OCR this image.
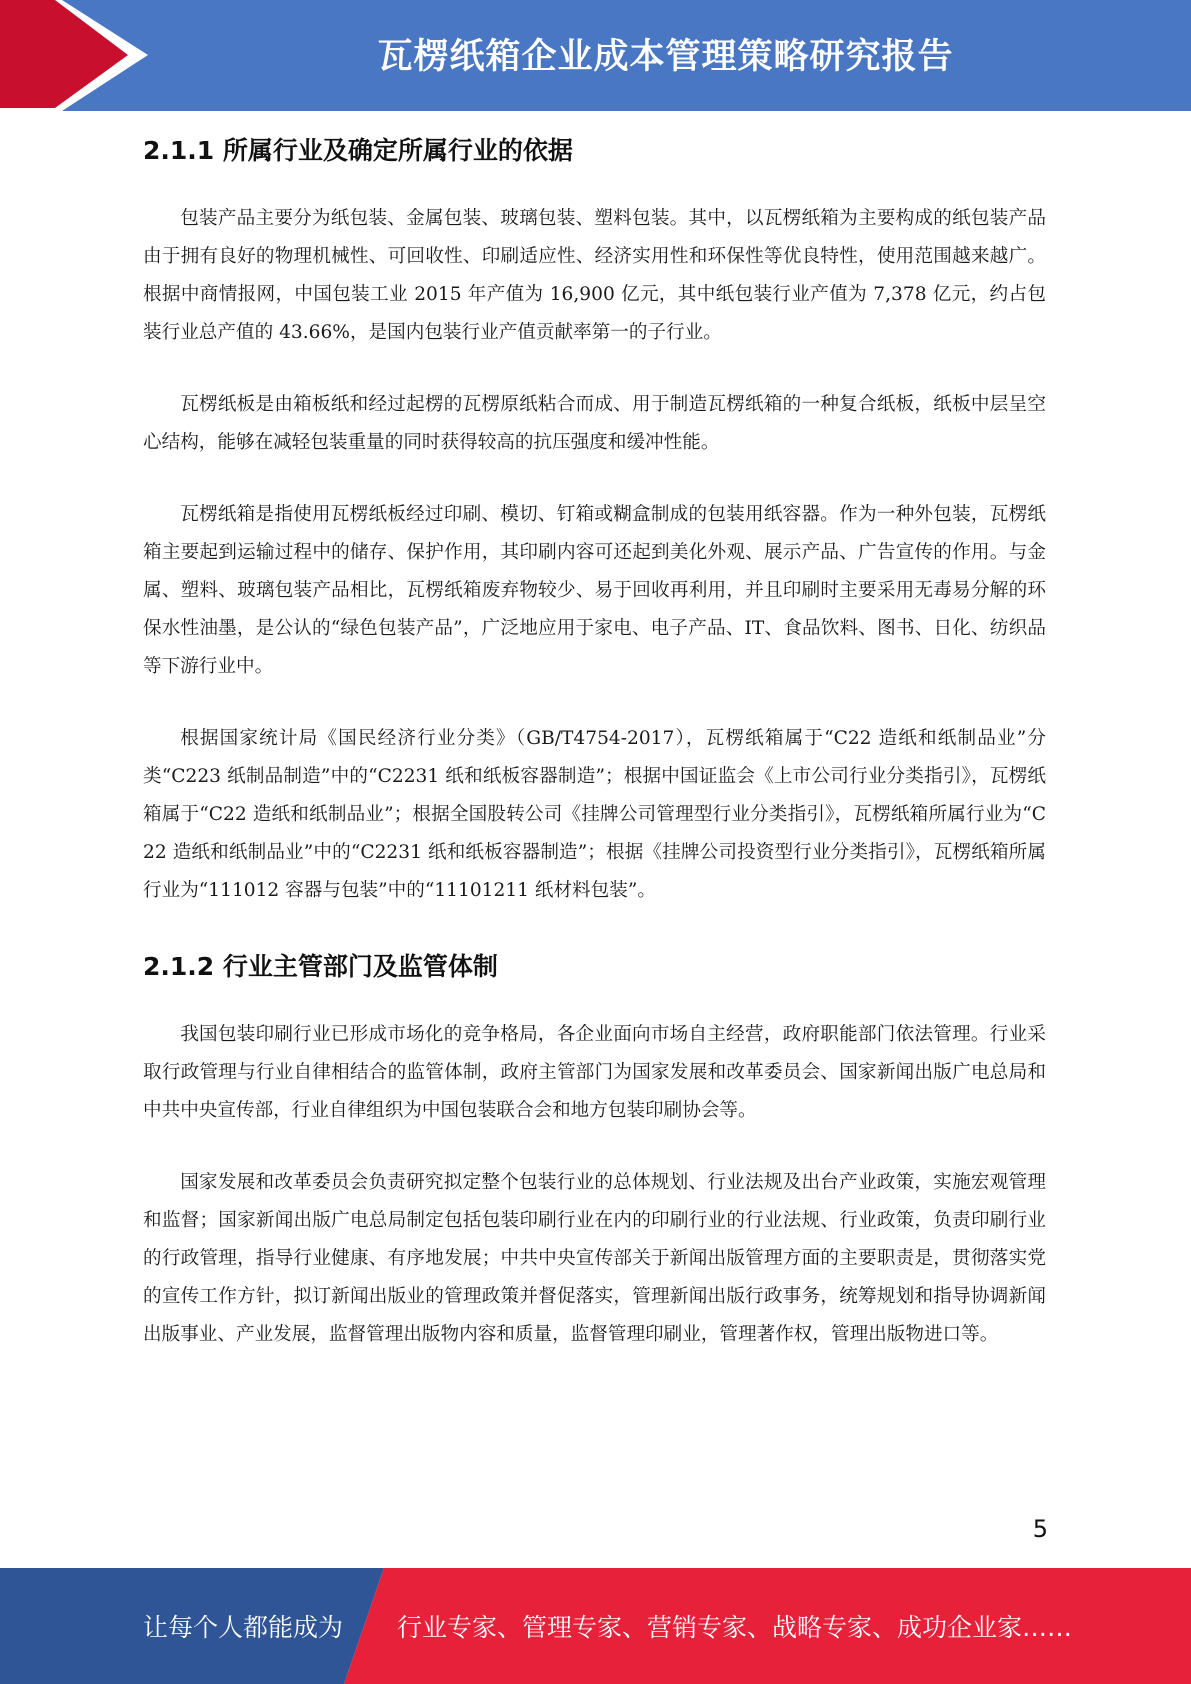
瓦楞纸箱企业成本管理策略研究报告
2.1.1 所属行业及确定所属行业的依据

包装产品主要分为纸包装、金属包装、玻璃包装、塑料包装。其中，以瓦楞纸箱为主要构成的纸包装产品由于拥有良好的物理机械性、可回收性、印刷适应性、经济实用性和环保性等优良特性，使用范围越来越广。根据中商情报网，中国包装工业 2015 年产值为 16,900 亿元，其中纸包装行业产值为 7,378 亿元，约占包装行业总产值的 43.66%，是国内包装行业产值贡献率第一的子行业。

瓦楞纸板是由箱板纸和经过起楞的瓦楞原纸粘合而成、用于制造瓦楞纸箱的一种复合纸板，纸板中层呈空心结构，能够在减轻包装重量的同时获得较高的抗压强度和缓冲性能。

瓦楞纸箱是指使用瓦楞纸板经过印刷、模切、钉箱或糊盒制成的包装用纸容器。作为一种外包装，瓦楞纸箱主要起到运输过程中的储存、保护作用，其印刷内容可还起到美化外观、展示产品、广告宣传的作用。与金属、塑料、玻璃包装产品相比，瓦楞纸箱废弃物较少、易于回收再利用，并且印刷时主要采用无毒易分解的环保水性油墨，是公认的“绿色包装产品”，广泛地应用于家电、电子产品、IT、食品饮料、图书、日化、纺织品等下游行业中。

根据国家统计局《国民经济行业分类》（GB/T4754-2017），瓦楞纸箱属于“C22 造纸和纸制品业”分类“C223 纸制品制造”中的“C2231 纸和纸板容器制造”；根据中国证监会《上市公司行业分类指引》，瓦楞纸箱属于“C22 造纸和纸制品业”；根据全国股转公司《挂牌公司管理型行业分类指引》，瓦楞纸箱所属行业为“C22 造纸和纸制品业”中的“C2231 纸和纸板容器制造”；根据《挂牌公司投资型行业分类指引》，瓦楞纸箱所属行业为“111012 容器与包装”中的“11101211 纸材料包装”。

2.1.2 行业主管部门及监管体制

我国包装印刷行业已形成市场化的竞争格局，各企业面向市场自主经营，政府职能部门依法管理。行业采取行政管理与行业自律相结合的监管体制，政府主管部门为国家发展和改革委员会、国家新闻出版广电总局和中共中央宣传部，行业自律组织为中国包装联合会和地方包装印刷协会等。

国家发展和改革委员会负责研究拟定整个包装行业的总体规划、行业法规及出台产业政策，实施宏观管理和监督；国家新闻出版广电总局制定包括包装印刷行业在内的印刷行业的行业法规、行业政策，负责印刷行业的行政管理，指导行业健康、有序地发展；中共中央宣传部关于新闻出版管理方面的主要职责是，贯彻落实党的宣传工作方针，拟订新闻出版业的管理政策并督促落实，管理新闻出版行政事务，统筹规划和指导协调新闻出版事业、产业发展，监督管理出版物内容和质量，监督管理印刷业，管理著作权，管理出版物进口等。

5
让每个人都能成为 行业专家、管理专家、营销专家、战略专家、成功企业家……
